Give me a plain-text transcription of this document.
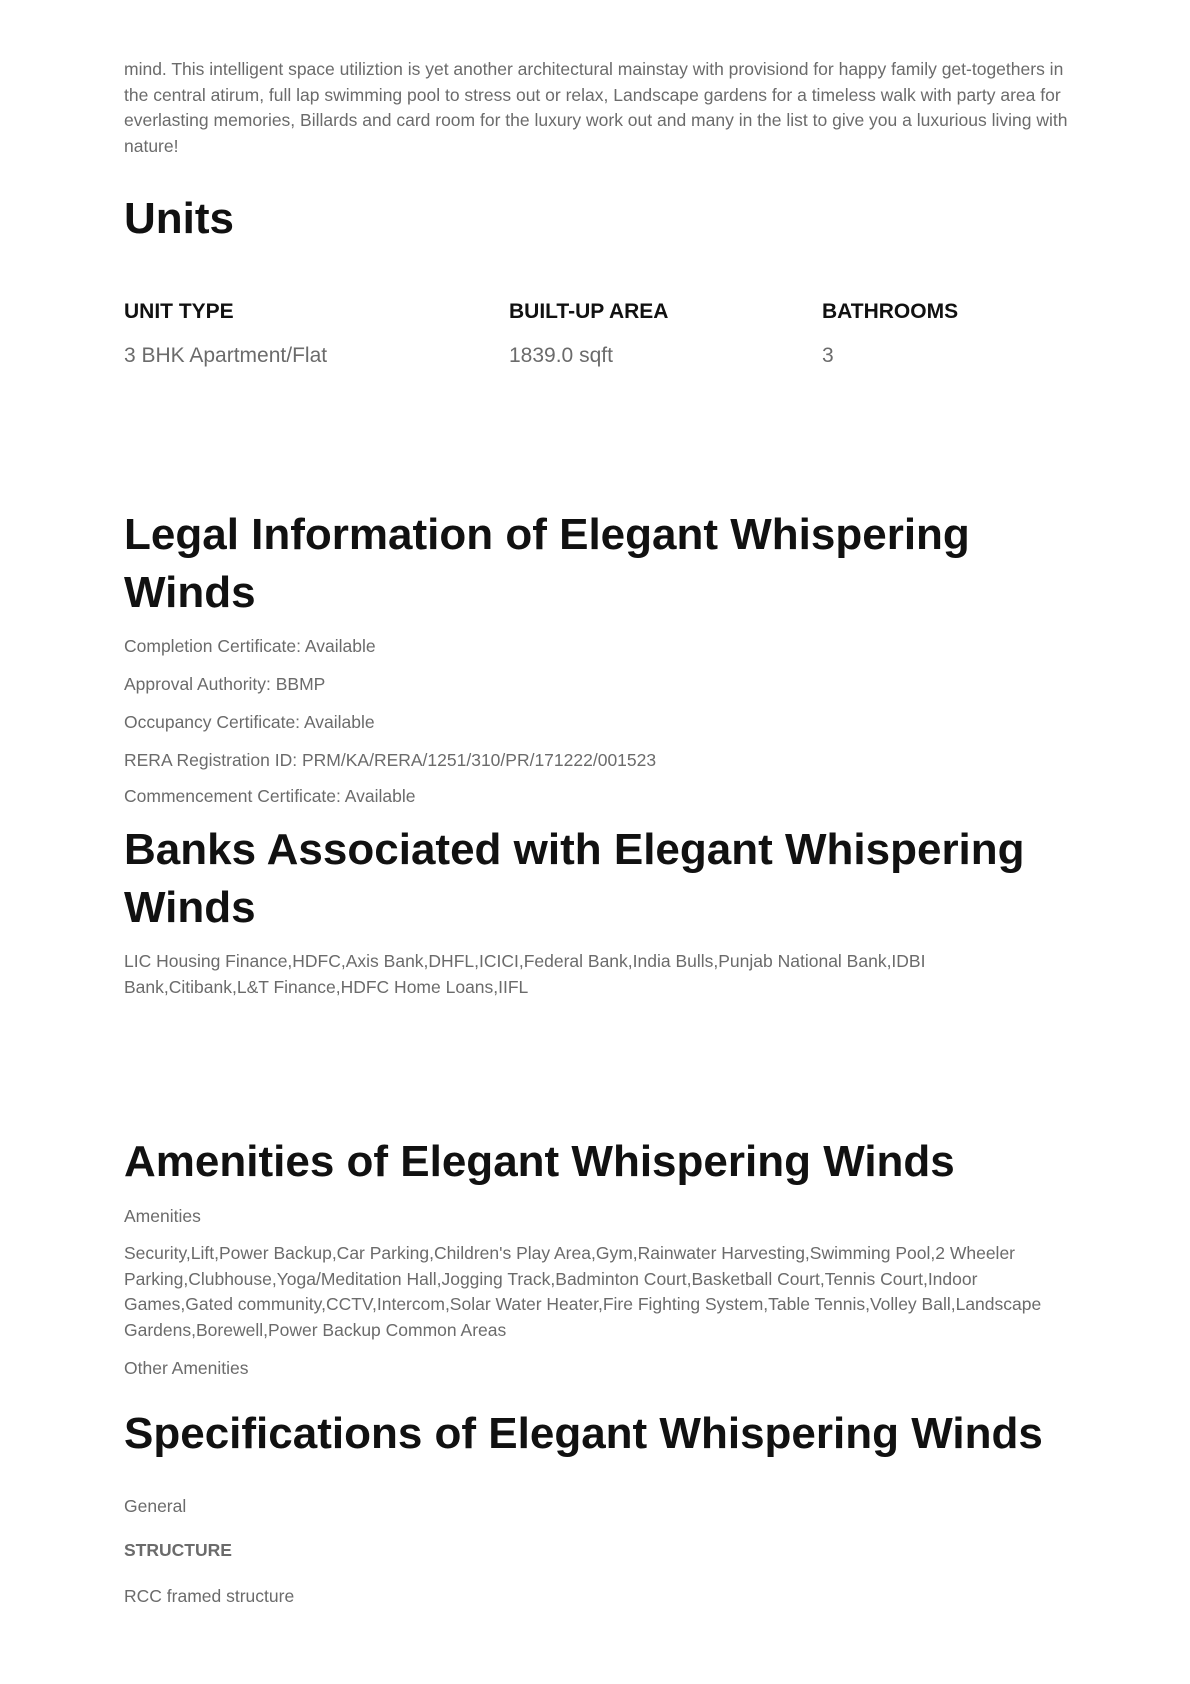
mind. This intelligent space utiliztion is yet another architectural mainstay with provisiond for happy family get-togethers in the central atirum, full lap swimming pool to stress out or relax, Landscape gardens for a timeless walk with party area for everlasting memories, Billards and card room for the luxury work out and many in the list to give you a luxurious living with nature!
Units
UNIT TYPE	BUILT-UP AREA	BATHROOMS
3 BHK Apartment/Flat	1839.0 sqft	3
Legal Information of Elegant Whispering Winds
Completion Certificate: Available
Approval Authority: BBMP
Occupancy Certificate: Available
RERA Registration ID: PRM/KA/RERA/1251/310/PR/171222/001523
Commencement Certificate: Available
Banks Associated with Elegant Whispering Winds
LIC Housing Finance,HDFC,Axis Bank,DHFL,ICICI,Federal Bank,India Bulls,Punjab National Bank,IDBI Bank,Citibank,L&T Finance,HDFC Home Loans,IIFL
Amenities of Elegant Whispering Winds
Amenities
Security,Lift,Power Backup,Car Parking,Children's Play Area,Gym,Rainwater Harvesting,Swimming Pool,2 Wheeler Parking,Clubhouse,Yoga/Meditation Hall,Jogging Track,Badminton Court,Basketball Court,Tennis Court,Indoor Games,Gated community,CCTV,Intercom,Solar Water Heater,Fire Fighting System,Table Tennis,Volley Ball,Landscape Gardens,Borewell,Power Backup Common Areas
Other Amenities
Specifications of Elegant Whispering Winds
General
STRUCTURE
RCC framed structure
